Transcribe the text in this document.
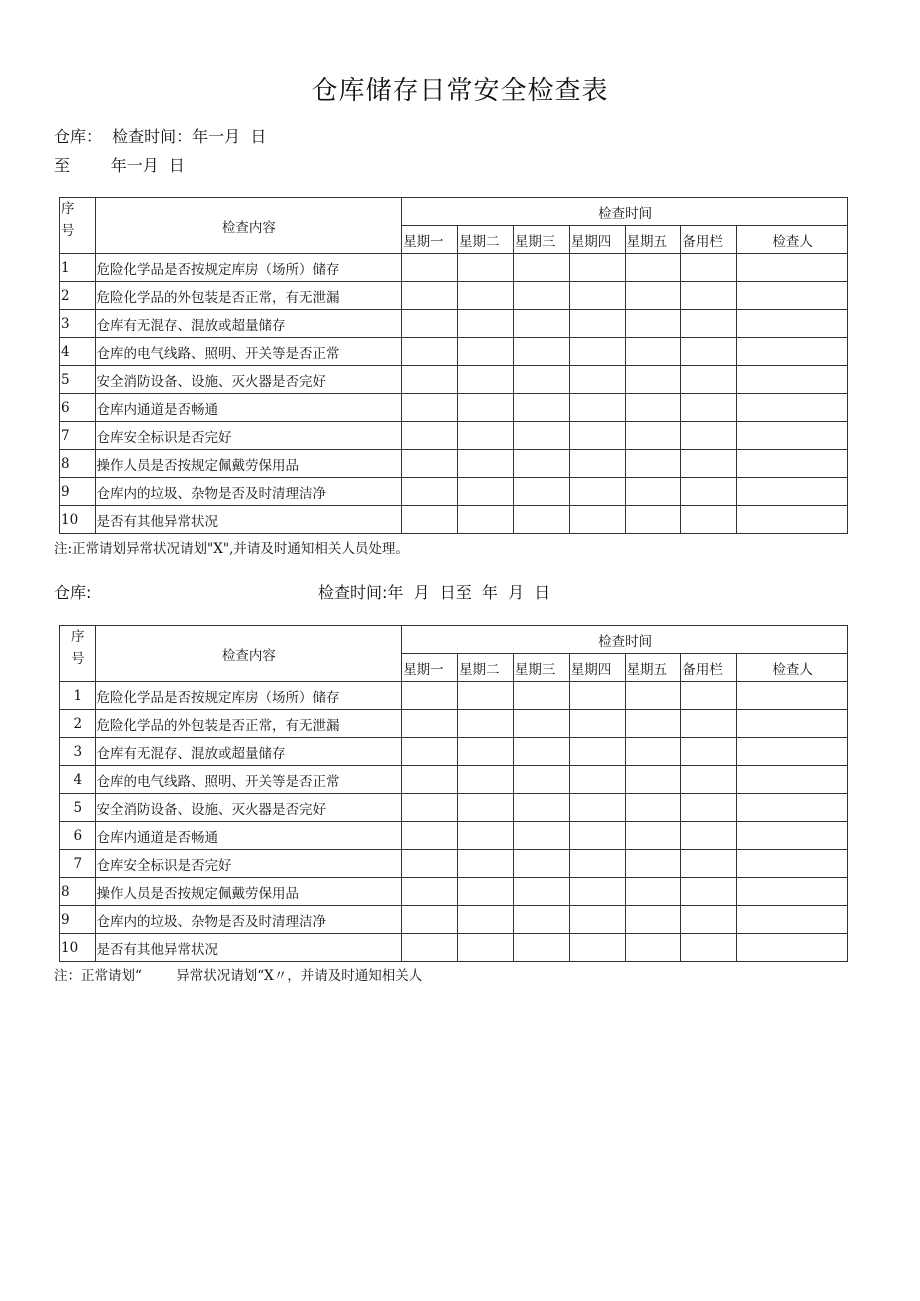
仓库储存日常安全检查表
仓库：  检查时间：年一月  日
至        年一月  日
序
号	检查内容	检查时间						
		星期一	星期二	星期三	星期四	星期五	备用栏	检查人
1	危险化学品是否按规定库房（场所）储存							
2	危险化学品的外包装是否正常，有无泄漏							
3	仓库有无混存、混放或超量储存							
4	仓库的电气线路、照明、开关等是否正常							
5	安全消防设备、设施、灭火器是否完好							
6	仓库内通道是否畅通							
7	仓库安全标识是否完好							
8	操作人员是否按规定佩戴劳保用品							
9	仓库内的垃圾、杂物是否及时清理洁净							
10	是否有其他异常状况							
注:正常请划异常状况请划"X",并请及时通知相关人员处理。
仓库:	检查时间:年  月  日至  年  月  日
序
号	检查内容	检查时间						
		星期一	星期二	星期三	星期四	星期五	备用栏	检查人
1	危险化学品是否按规定库房（场所）储存							
2	危险化学品的外包装是否正常，有无泄漏							
3	仓库有无混存、混放或超量储存							
4	仓库的电气线路、照明、开关等是否正常							
5	安全消防设备、设施、灭火器是否完好							
6	仓库内通道是否畅通							
7	仓库安全标识是否完好							
8	操作人员是否按规定佩戴劳保用品							
9	仓库内的垃圾、杂物是否及时清理洁净							
10	是否有其他异常状况							
注：正常请划“        异常状况请划“X〃，并请及时通知相关人
